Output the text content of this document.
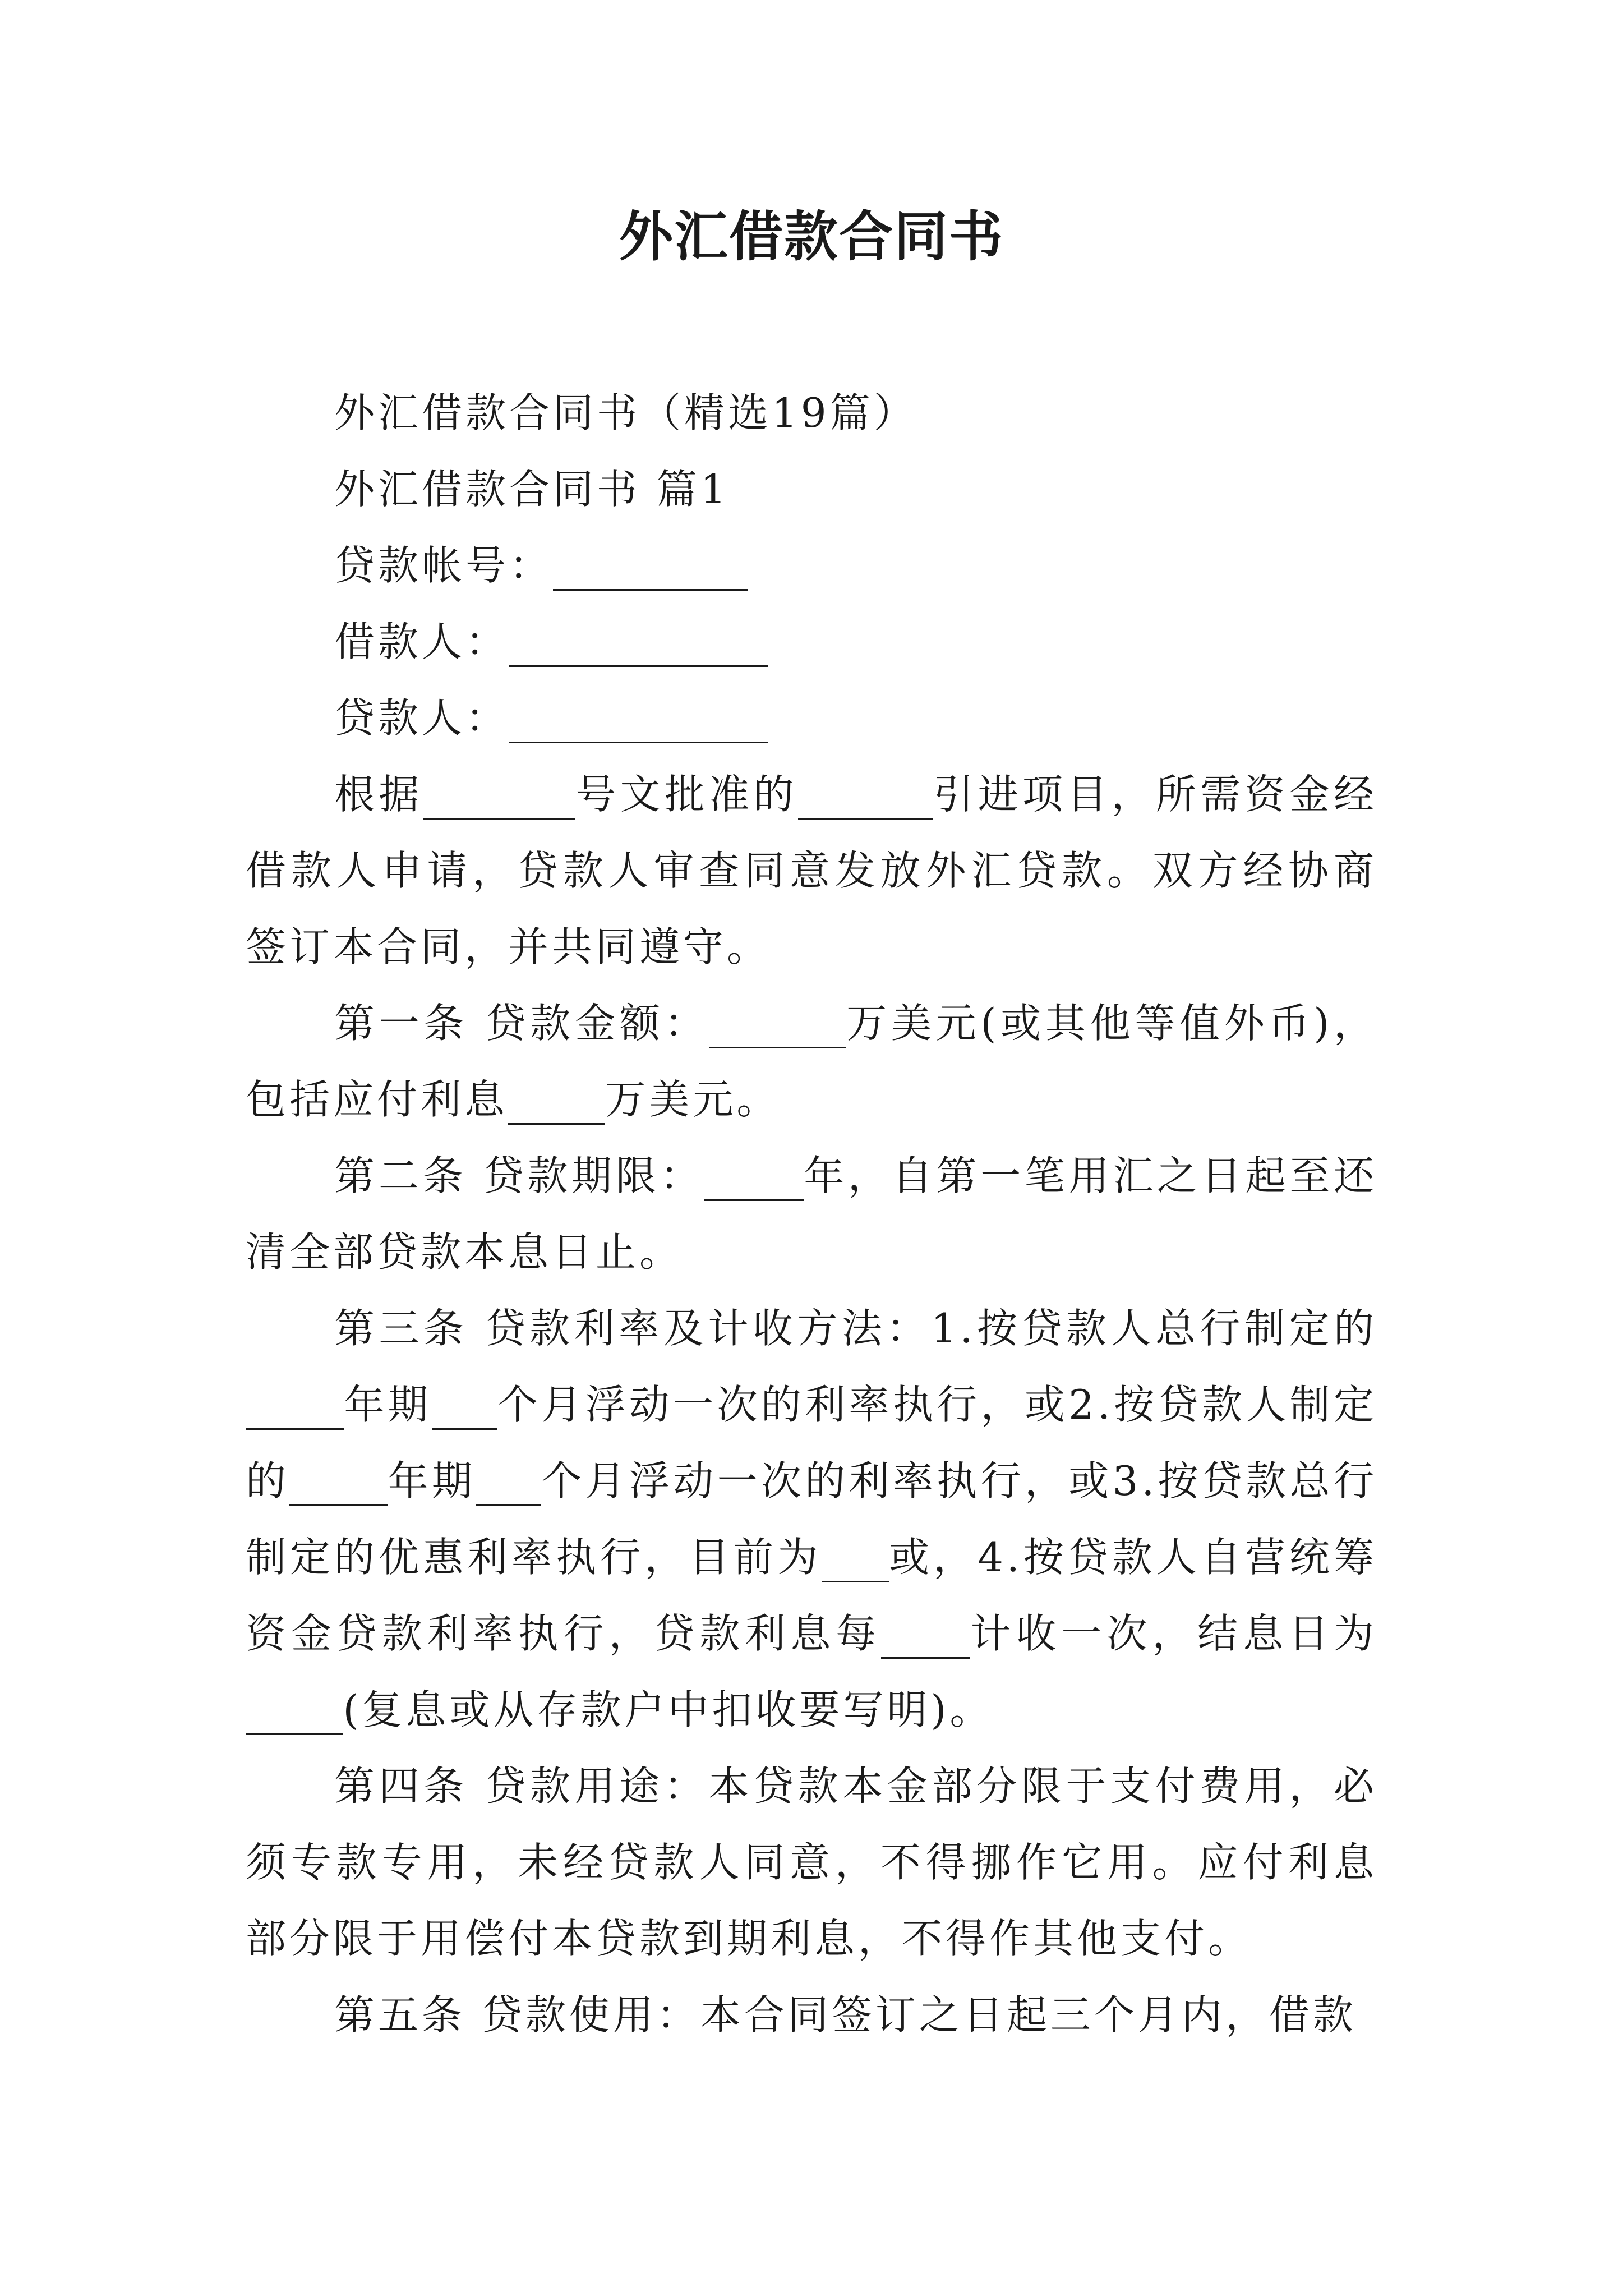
外汇借款合同书

外汇借款合同书（精选19篇）

外汇借款合同书 篇1

贷款帐号：

借款人：

贷款人：

根据	号文批准的	引进项目，所需资金经借款人申请，贷款人审查同意发放外汇贷款。双方经协商签订本合同，并共同遵守。

第一条 贷款金额：	万美元(或其他等值外币)，包括应付利息 万美元。

第二条 贷款期限： 年，自第一笔用汇之日起至还清全部贷款本息日止。

第三条 贷款利率及计收方法：1.按贷款人总行制定的      年期 个月浮动一次的利率执行，或2.按贷款人制定的 年期 个月浮动一次的利率执行，或3.按贷款总行制定的优惠利率执行，目前为 或，4.按贷款人自营统筹资金贷款利率执行，贷款利息每 计收一次，结息日为      (复息或从存款户中扣收要写明)。

第四条 贷款用途：本贷款本金部分限于支付费用，必须专款专用，未经贷款人同意，不得挪作它用。应付利息部分限于用偿付本贷款到期利息，不得作其他支付。

第五条 贷款使用：本合同签订之日起三个月内，借款
